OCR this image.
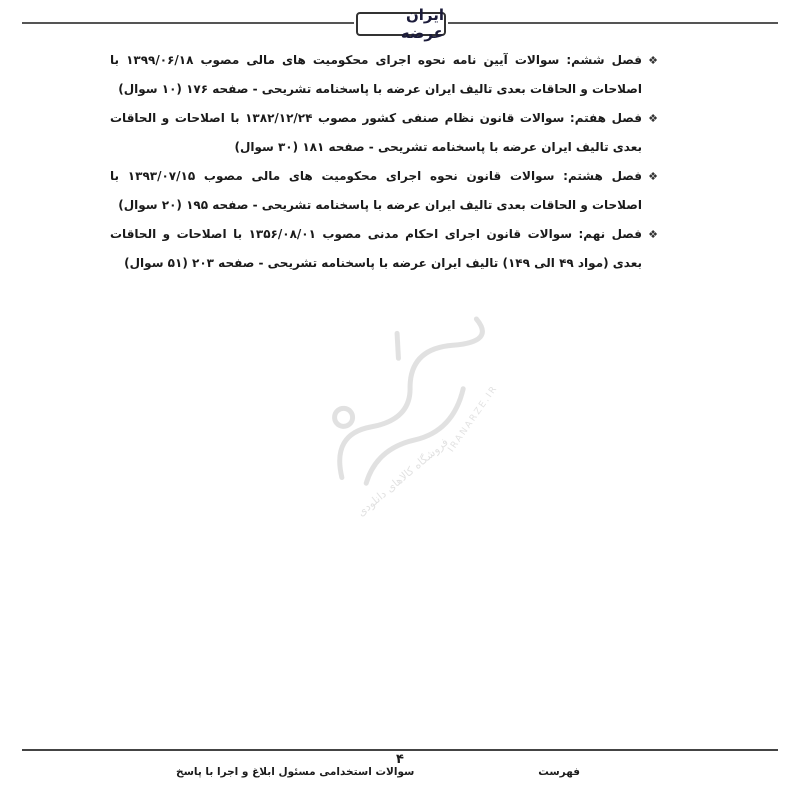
ایران عرضه
❖
فصل ششم: سوالات آیین نامه نحوه اجرای محکومیت های مالی مصوب ۱۳۹۹/۰۶/۱۸ با اصلاحات و الحاقات بعدی تالیف ایران عرضه با پاسخنامه تشریحی - صفحه ۱۷۶ (۱۰ سوال)
❖
فصل هفتم: سوالات قانون نظام صنفی کشور مصوب ۱۳۸۲/۱۲/۲۴ با اصلاحات و الحاقات بعدی تالیف ایران عرضه با پاسخنامه تشریحی - صفحه ۱۸۱ (۳۰ سوال)
❖
فصل هشتم: سوالات قانون نحوه اجرای محکومیت های مالی مصوب ۱۳۹۳/۰۷/۱۵ با اصلاحات و الحاقات بعدی تالیف ایران عرضه با پاسخنامه تشریحی - صفحه ۱۹۵ (۲۰ سوال)
❖
فصل نهم: سوالات قانون اجرای احکام مدنی مصوب ۱۳۵۶/۰۸/۰۱ با اصلاحات و الحاقات بعدی (مواد ۴۹ الی ۱۴۹) تالیف ایران عرضه با پاسخنامه تشریحی - صفحه ۲۰۳ (۵۱ سوال)
فروشگاه کالاهای دانلودی
IRANARZE.IR
۴
سوالات استخدامی مسئول ابلاغ و اجرا با پاسخ	فهرست
